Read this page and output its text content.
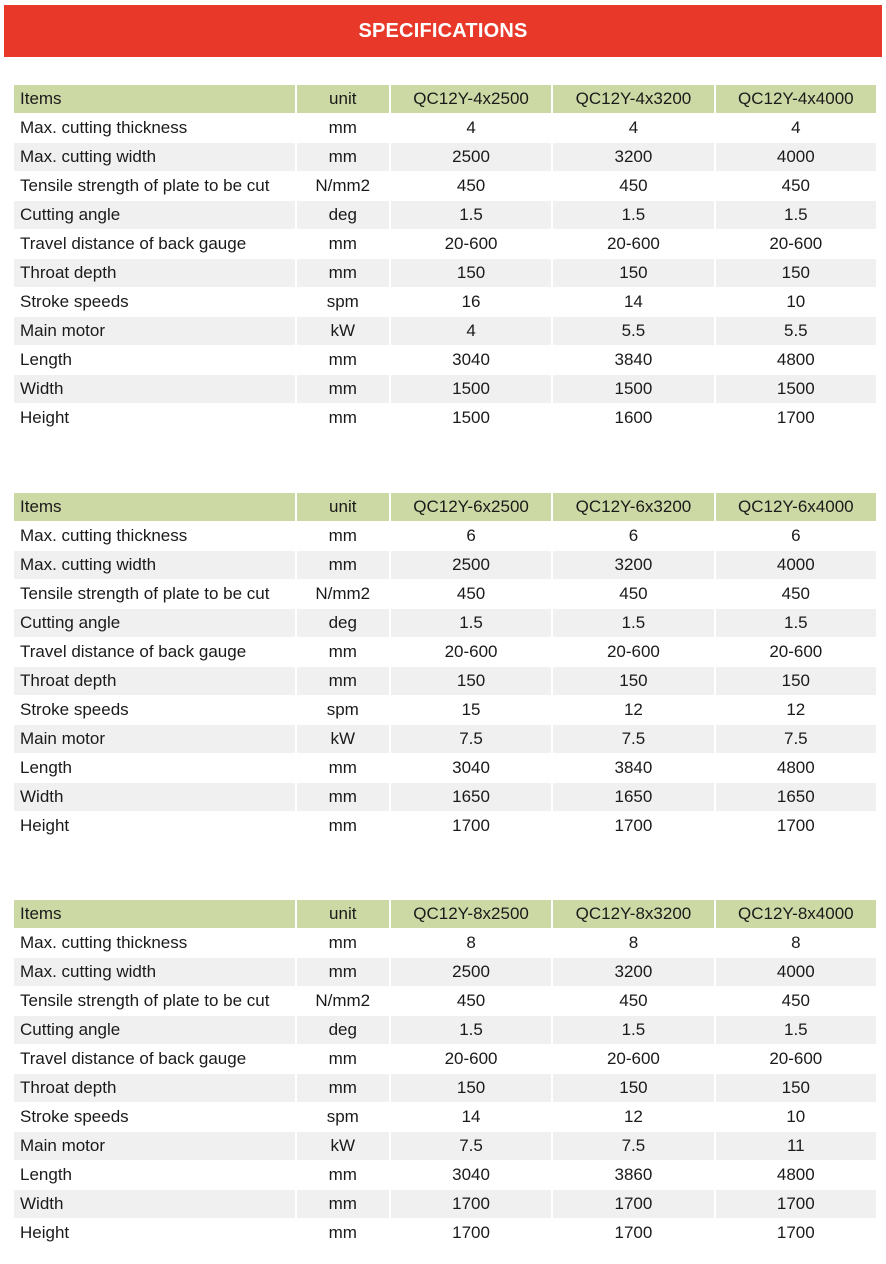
SPECIFICATIONS
Items	unit	QC12Y-4x2500	QC12Y-4x3200	QC12Y-4x4000
Max. cutting thickness	mm	4	4	4
Max. cutting width	mm	2500	3200	4000
Tensile strength of plate to be cut	N/mm2	450	450	450
Cutting angle	deg	1.5	1.5	1.5
Travel distance of back gauge	mm	20-600	20-600	20-600
Throat depth	mm	150	150	150
Stroke speeds	spm	16	14	10
Main motor	kW	4	5.5	5.5
Length	mm	3040	3840	4800
Width	mm	1500	1500	1500
Height	mm	1500	1600	1700
Items	unit	QC12Y-6x2500	QC12Y-6x3200	QC12Y-6x4000
Max. cutting thickness	mm	6	6	6
Max. cutting width	mm	2500	3200	4000
Tensile strength of plate to be cut	N/mm2	450	450	450
Cutting angle	deg	1.5	1.5	1.5
Travel distance of back gauge	mm	20-600	20-600	20-600
Throat depth	mm	150	150	150
Stroke speeds	spm	15	12	12
Main motor	kW	7.5	7.5	7.5
Length	mm	3040	3840	4800
Width	mm	1650	1650	1650
Height	mm	1700	1700	1700
Items	unit	QC12Y-8x2500	QC12Y-8x3200	QC12Y-8x4000
Max. cutting thickness	mm	8	8	8
Max. cutting width	mm	2500	3200	4000
Tensile strength of plate to be cut	N/mm2	450	450	450
Cutting angle	deg	1.5	1.5	1.5
Travel distance of back gauge	mm	20-600	20-600	20-600
Throat depth	mm	150	150	150
Stroke speeds	spm	14	12	10
Main motor	kW	7.5	7.5	11
Length	mm	3040	3860	4800
Width	mm	1700	1700	1700
Height	mm	1700	1700	1700
